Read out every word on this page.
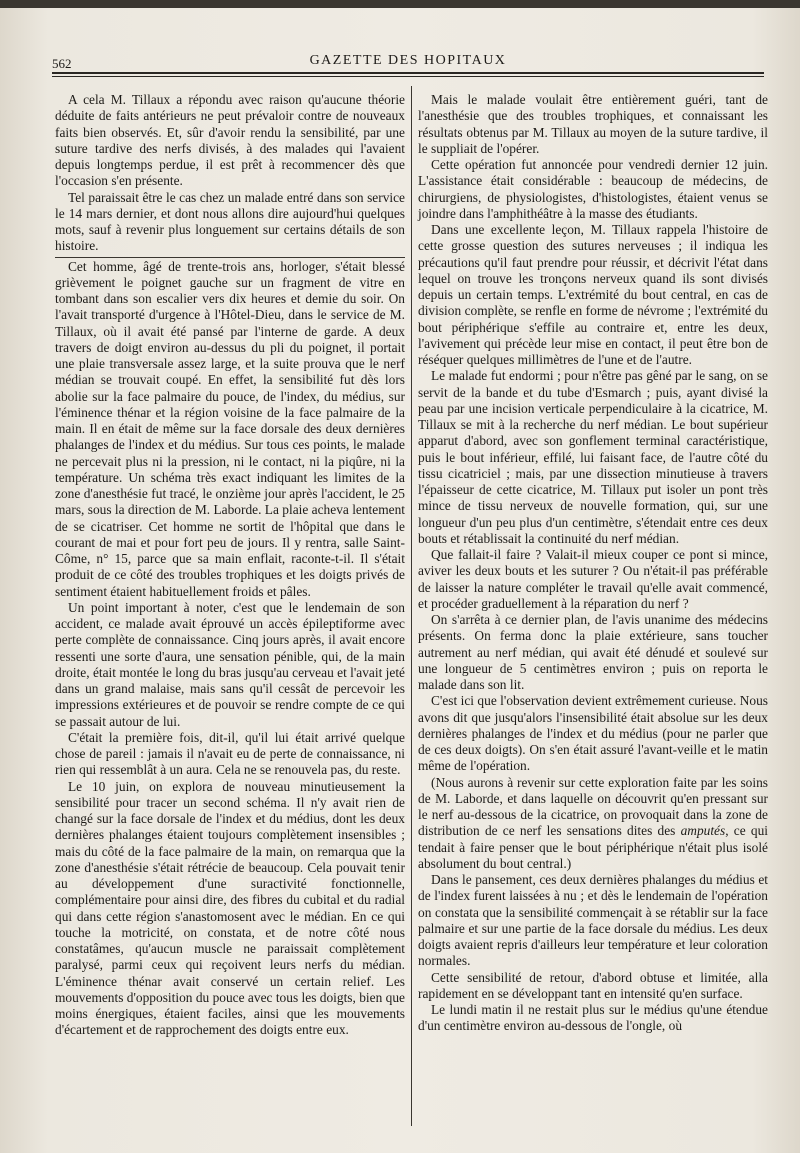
562	GAZETTE DES HOPITAUX

A cela M. Tillaux a répondu avec raison qu'aucune théorie déduite de faits antérieurs ne peut prévaloir contre de nouveaux faits bien observés. Et, sûr d'avoir rendu la sensibilité, par une suture tardive des nerfs divisés, à des malades qui l'avaient depuis longtemps perdue, il est prêt à recommencer dès que l'occasion s'en présente.

Tel paraissait être le cas chez un malade entré dans son service le 14 mars dernier, et dont nous allons dire aujourd'hui quelques mots, sauf à revenir plus longuement sur certains détails de son histoire.

Cet homme, âgé de trente-trois ans, horloger, s'était blessé grièvement le poignet gauche sur un fragment de vitre en tombant dans son escalier vers dix heures et demie du soir. On l'avait transporté d'urgence à l'Hôtel-Dieu, dans le service de M. Tillaux, où il avait été pansé par l'interne de garde. A deux travers de doigt environ au-dessus du pli du poignet, il portait une plaie transversale assez large, et la suite prouva que le nerf médian se trouvait coupé. En effet, la sensibilité fut dès lors abolie sur la face palmaire du pouce, de l'index, du médius, sur l'éminence thénar et la région voisine de la face palmaire de la main. Il en était de même sur la face dorsale des deux dernières phalanges de l'index et du médius. Sur tous ces points, le malade ne percevait plus ni la pression, ni le contact, ni la piqûre, ni la température. Un schéma très exact indiquant les limites de la zone d'anesthésie fut tracé, le onzième jour après l'accident, le 25 mars, sous la direction de M. Laborde. La plaie acheva lentement de se cicatriser. Cet homme ne sortit de l'hôpital que dans le courant de mai et pour fort peu de jours. Il y rentra, salle Saint-Côme, n° 15, parce que sa main enflait, raconte-t-il. Il s'était produit de ce côté des troubles trophiques et les doigts privés de sentiment étaient habituellement froids et pâles.

Un point important à noter, c'est que le lendemain de son accident, ce malade avait éprouvé un accès épileptiforme avec perte complète de connaissance. Cinq jours après, il avait encore ressenti une sorte d'aura, une sensation pénible, qui, de la main droite, était montée le long du bras jusqu'au cerveau et l'avait jeté dans un grand malaise, mais sans qu'il cessât de percevoir les impressions extérieures et de pouvoir se rendre compte de ce qui se passait autour de lui.

C'était la première fois, dit-il, qu'il lui était arrivé quelque chose de pareil : jamais il n'avait eu de perte de connaissance, ni rien qui ressemblât à un aura. Cela ne se renouvela pas, du reste.

Le 10 juin, on explora de nouveau minutieusement la sensibilité pour tracer un second schéma. Il n'y avait rien de changé sur la face dorsale de l'index et du médius, dont les deux dernières phalanges étaient toujours complètement insensibles ; mais du côté de la face palmaire de la main, on remarqua que la zone d'anesthésie s'était rétrécie de beaucoup. Cela pouvait tenir au développement d'une suractivité fonctionnelle, complémentaire pour ainsi dire, des fibres du cubital et du radial qui dans cette région s'anastomosent avec le médian. En ce qui touche la motricité, on constata, et de notre côté nous constatâmes, qu'aucun muscle ne paraissait complètement paralysé, parmi ceux qui reçoivent leurs nerfs du médian. L'éminence thénar avait conservé un certain relief. Les mouvements d'opposition du pouce avec tous les doigts, bien que moins énergiques, étaient faciles, ainsi que les mouvements d'écartement et de rapprochement des doigts entre eux.

Mais le malade voulait être entièrement guéri, tant de l'anesthésie que des troubles trophiques, et connaissant les résultats obtenus par M. Tillaux au moyen de la suture tardive, il le suppliait de l'opérer.

Cette opération fut annoncée pour vendredi dernier 12 juin. L'assistance était considérable : beaucoup de médecins, de chirurgiens, de physiologistes, d'histologistes, étaient venus se joindre dans l'amphithéâtre à la masse des étudiants.

Dans une excellente leçon, M. Tillaux rappela l'histoire de cette grosse question des sutures nerveuses ; il indiqua les précautions qu'il faut prendre pour réussir, et décrivit l'état dans lequel on trouve les tronçons nerveux quand ils sont divisés depuis un certain temps. L'extrémité du bout central, en cas de division complète, se renfle en forme de névrome ; l'extrémité du bout périphérique s'effile au contraire et, entre les deux, l'avivement qui précède leur mise en contact, il peut être bon de réséquer quelques millimètres de l'une et de l'autre.

Le malade fut endormi ; pour n'être pas gêné par le sang, on se servit de la bande et du tube d'Esmarch ; puis, ayant divisé la peau par une incision verticale perpendiculaire à la cicatrice, M. Tillaux se mit à la recherche du nerf médian. Le bout supérieur apparut d'abord, avec son gonflement terminal caractéristique, puis le bout inférieur, effilé, lui faisant face, de l'autre côté du tissu cicatriciel ; mais, par une dissection minutieuse à travers l'épaisseur de cette cicatrice, M. Tillaux put isoler un pont très mince de tissu nerveux de nouvelle formation, qui, sur une longueur d'un peu plus d'un centimètre, s'étendait entre ces deux bouts et rétablissait la continuité du nerf médian.

Que fallait-il faire ? Valait-il mieux couper ce pont si mince, aviver les deux bouts et les suturer ? Ou n'était-il pas préférable de laisser la nature compléter le travail qu'elle avait commencé, et procéder graduellement à la réparation du nerf ?

On s'arrêta à ce dernier plan, de l'avis unanime des médecins présents. On ferma donc la plaie extérieure, sans toucher autrement au nerf médian, qui avait été dénudé et soulevé sur une longueur de 5 centimètres environ ; puis on reporta le malade dans son lit.

C'est ici que l'observation devient extrêmement curieuse. Nous avons dit que jusqu'alors l'insensibilité était absolue sur les deux dernières phalanges de l'index et du médius (pour ne parler que de ces deux doigts). On s'en était assuré l'avant-veille et le matin même de l'opération.

(Nous aurons à revenir sur cette exploration faite par les soins de M. Laborde, et dans laquelle on découvrit qu'en pressant sur le nerf au-dessous de la cicatrice, on provoquait dans la zone de distribution de ce nerf les sensations dites des amputés, ce qui tendait à faire penser que le bout périphérique n'était plus isolé absolument du bout central.)

Dans le pansement, ces deux dernières phalanges du médius et de l'index furent laissées à nu ; et dès le lendemain de l'opération on constata que la sensibilité commençait à se rétablir sur la face palmaire et sur une partie de la face dorsale du médius. Les deux doigts avaient repris d'ailleurs leur température et leur coloration normales.

Cette sensibilité de retour, d'abord obtuse et limitée, alla rapidement en se développant tant en intensité qu'en surface.

Le lundi matin il ne restait plus sur le médius qu'une étendue d'un centimètre environ au-dessous de l'ongle, où
